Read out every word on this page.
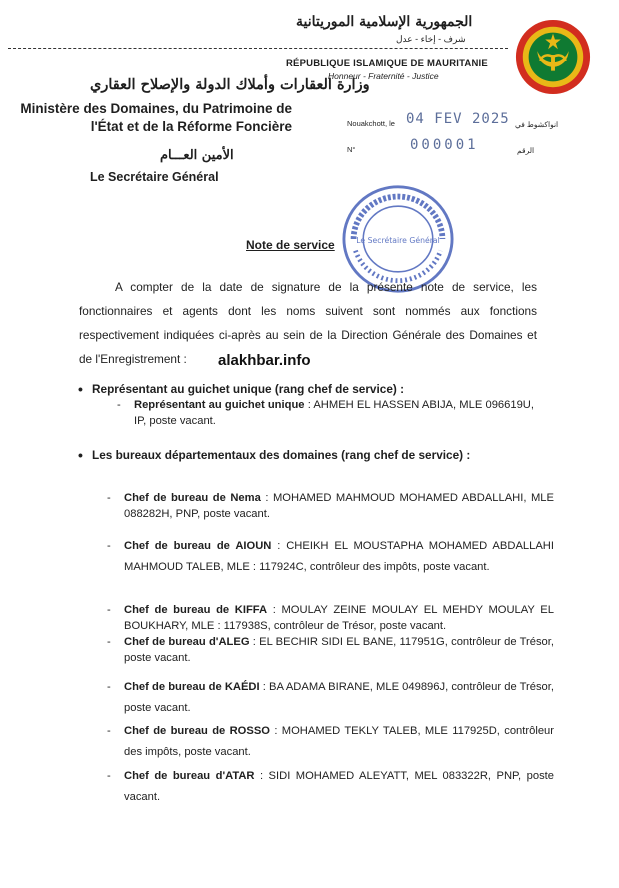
الجمهورية الإسلامية الموريتانية
شرف - إخاء - عدل
RÉPUBLIQUE ISLAMIQUE DE MAURITANIE
Honneur - Fraternité - Justice
وزارة العقارات وأملاك الدولة والإصلاح العقاري
Ministère des Domaines, du Patrimoine de l'État et de la Réforme Foncière
الأمين العـــام
Le Secrétaire Général
Nouakchott, le 04 FEV 2025 انواكشوط في
N°	000001	الرقم
Le Secrétaire Général
Note de service
A compter de la date de signature de la présente note de service, les fonctionnaires et agents dont les noms suivent sont nommés aux fonctions respectivement indiquées ci-après au sein de la Direction Générale des Domaines et de l'Enregistrement :	alakhbar.info
• Représentant au guichet unique (rang chef de service) :
- Représentant au guichet unique : AHMEH EL HASSEN ABIJA, MLE 096619U, IP, poste vacant.

• Les bureaux départementaux des domaines (rang chef de service) :
- Chef de bureau de Nema : MOHAMED MAHMOUD MOHAMED ABDALLAHI, MLE 088282H, PNP, poste vacant.

- Chef de bureau de AIOUN : CHEIKH EL MOUSTAPHA MOHAMED ABDALLAHI MAHMOUD TALEB, MLE : 117924C, contrôleur des impôts, poste vacant.

- Chef de bureau de KIFFA : MOULAY ZEINE MOULAY EL MEHDY MOULAY EL BOUKHARY, MLE : 117938S, contrôleur de Trésor, poste vacant.

- Chef de bureau d'ALEG : EL BECHIR SIDI EL BANE, 117951G, contrôleur de Trésor, poste vacant.

- Chef de bureau de KAÉDI : BA ADAMA BIRANE, MLE 049896J, contrôleur de Trésor, poste vacant.

- Chef de bureau de ROSSO : MOHAMED TEKLY TALEB, MLE 117925D, contrôleur des impôts, poste vacant.

- Chef de bureau d'ATAR : SIDI MOHAMED ALEYATT, MEL 083322R, PNP, poste vacant.
